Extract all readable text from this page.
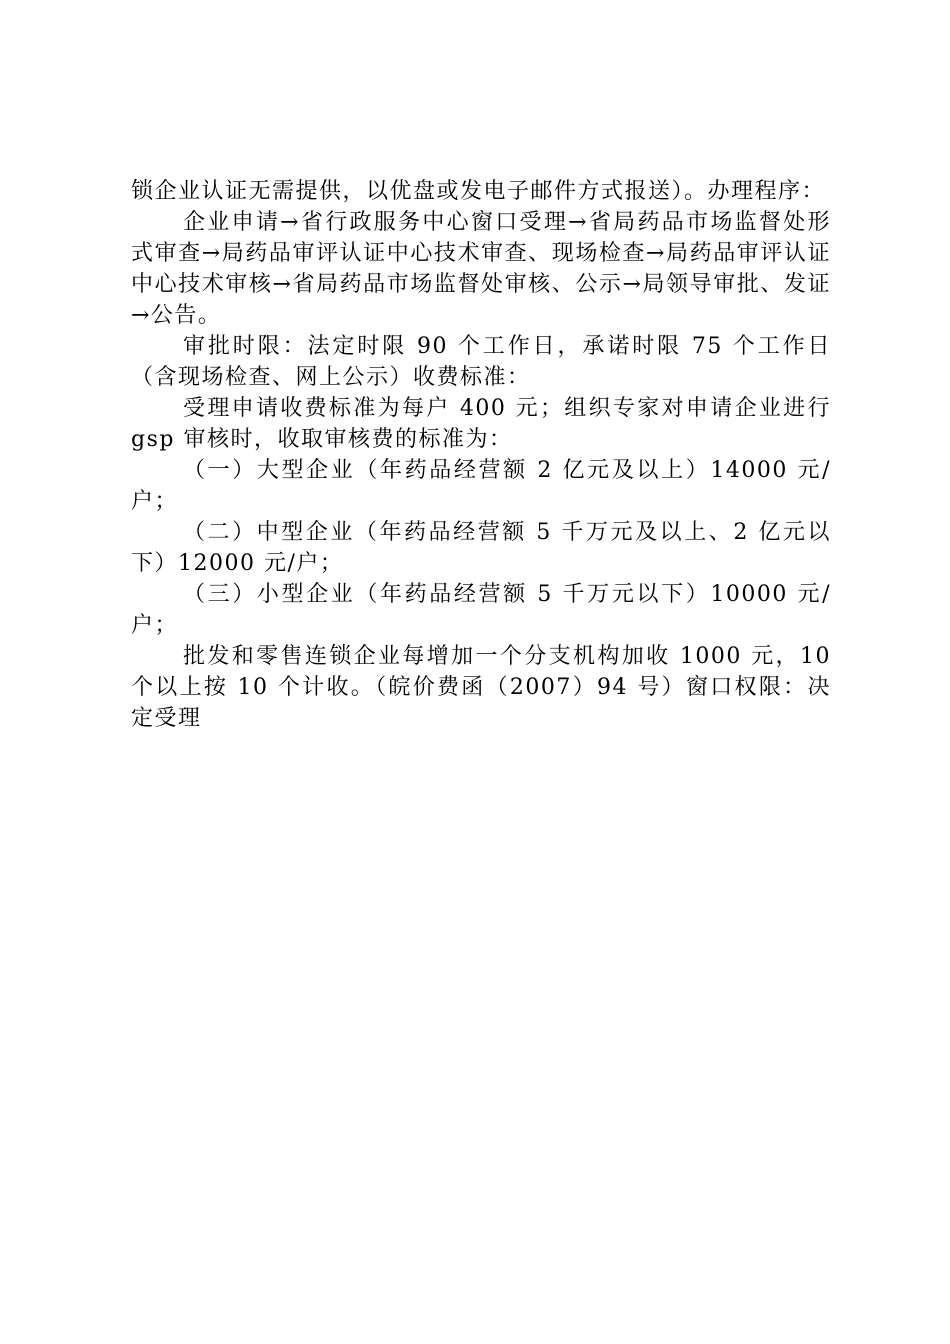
锁企业认证无需提供，以优盘或发电子邮件方式报送）。办理程序：

企业申请→省行政服务中心窗口受理→省局药品市场监督处形式审查→局药品审评认证中心技术审查、现场检查→局药品审评认证中心技术审核→省局药品市场监督处审核、公示→局领导审批、发证→公告。

审批时限：法定时限 90 个工作日，承诺时限 75 个工作日（含现场检查、网上公示）收费标准：

受理申请收费标准为每户 400 元；组织专家对申请企业进行 gsp 审核时，收取审核费的标准为：

（一）大型企业（年药品经营额 2 亿元及以上）14000 元/户；

（二）中型企业（年药品经营额 5 千万元及以上、2 亿元以下）12000 元/户；

（三）小型企业（年药品经营额 5 千万元以下）10000 元/户；

批发和零售连锁企业每增加一个分支机构加收 1000 元，10 个以上按 10 个计收。（皖价费函（2007）94 号）窗口权限：决定受理
